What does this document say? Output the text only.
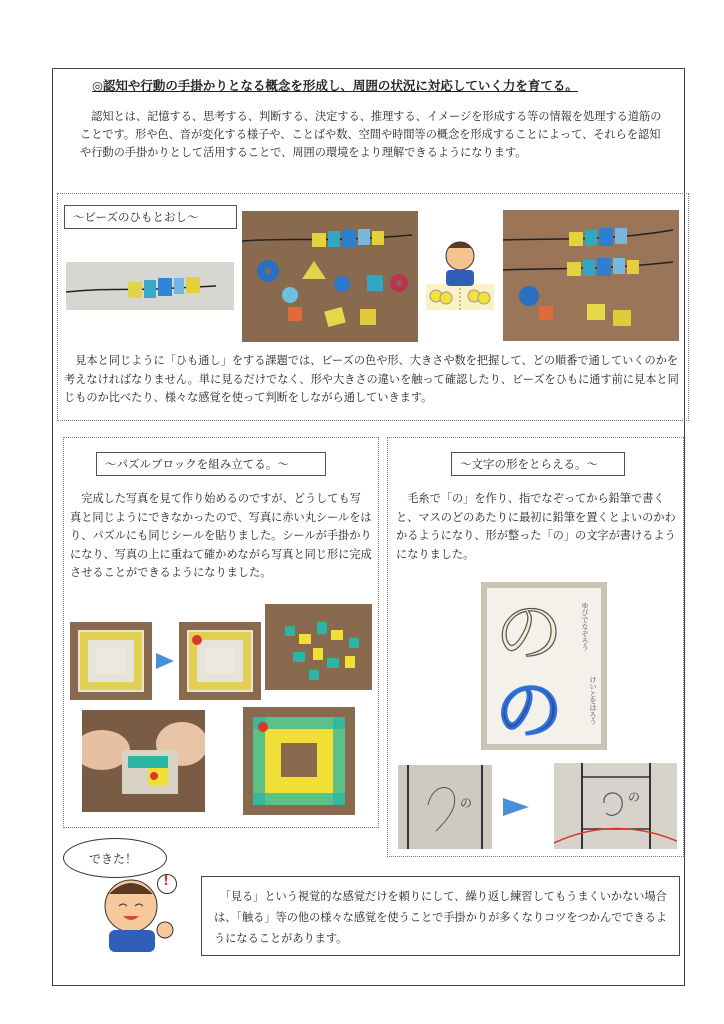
◎認知や行動の手掛かりとなる概念を形成し、周囲の状況に対応していく力を育てる。
　認知とは、記憶する、思考する、判断する、決定する、推理する、イメージを形成する等の情報を処理する道筋のことです。形や色、音が変化する様子や、ことばや数、空間や時間等の概念を形成することによって、それらを認知や行動の手掛かりとして活用することで、周囲の環境をより理解できるようになります。
～ビーズのひもとおし～
　見本と同じように「ひも通し」をする課題では、ビーズの色や形、大きさや数を把握して、どの順番で通していくのかを考えなければなりません。単に見るだけでなく、形や大きさの違いを触って確認したり、ビーズをひもに通す前に見本と同じものか比べたり、様々な感覚を使って判断をしながら通していきます。
～パズルブロックを組み立てる。～
　完成した写真を見て作り始めるのですが、どうしても写真と同じようにできなかったので、写真に赤い丸シールをはり、パズルにも同じシールを貼りました。シールが手掛かりになり、写真の上に重ねて確かめながら写真と同じ形に完成させることができるようになりました。
～文字の形をとらえる。～
　毛糸で「の」を作り、指でなぞってから鉛筆で書くと、マスのどのあたりに最初に鉛筆を置くとよいのかわかるようになり、形が整った「の」の文字が書けるようになりました。
の
の
ゆびでなぞろう
けいとをはろう
の	の
できた！
!
　「見る」という視覚的な感覚だけを頼りにして、繰り返し練習してもうまくいかない場合は、「触る」等の他の様々な感覚を使うことで手掛かりが多くなりコツをつかんでできるようになることがあります。
